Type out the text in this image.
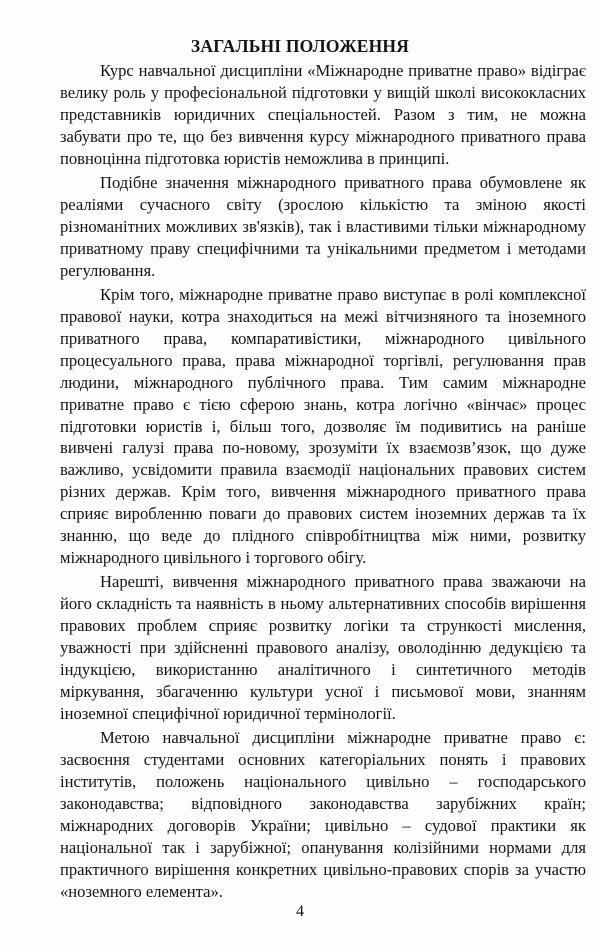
ЗАГАЛЬНІ ПОЛОЖЕННЯ

Курс навчальної дисципліни «Міжнародне приватне право» відіграє велику роль у професіональной підготовки у вищій школі висококласних представників юридичних спеціальностей. Разом з тим, не можна забувати про те, що без вивчення курсу міжнародного приватного права повноцінна підготовка юристів неможлива в принципі.

Подібне значення міжнародного приватного права обумовлене як реаліями сучасного світу (зрослою кількістю та зміною якості різноманітних можливих зв'язків), так і властивими тільки міжнародному приватному праву специфічними та унікальними предметом і методами регулювання.

Крім того, міжнародне приватне право виступає в ролі комплексної правової науки, котра знаходиться на межі вітчизняного та іноземного приватного права, компаративістики, міжнародного цивільного процесуального права, права міжнародної торгівлі, регулювання прав людини, міжнародного публічного права. Тим самим міжнародне приватне право є тією сферою знань, котра логічно «вінчає» процес підготовки юристів і, більш того, дозволяє їм подивитись на раніше вивчені галузі права по-новому, зрозуміти їх взаємозв’язок, що дуже важливо, усвідомити правила взаємодії національних правових систем різних держав. Крім того, вивчення міжнародного приватного права сприяє виробленню поваги до правових систем іноземних держав та їх знанню, що веде до плідного співробітництва між ними, розвитку міжнародного цивільного і торгового обігу.

Нарешті, вивчення міжнародного приватного права зважаючи на його складність та наявність в ньому альтернативних способів вирішення правових проблем сприяє розвитку логіки та стрункості мислення, уважності при здійсненні правового аналізу, оволодінню дедукцією та індукцією, використанню аналітичного і синтетичного методів міркування, збагаченню культури усної і письмової мови, знанням іноземної специфічної юридичної термінології.

Метою навчальної дисципліни міжнародне приватне право є: засвоєння студентами основних категоріальних понять і правових інститутів, положень національного цивільно – господарського законодавства; відповідного законодавства зарубіжних країн; міжнародних договорів України; цивільно – судової практики як національної так і зарубіжної; опанування колізійними нормами для практичного вирішення конкретних цивільно-правових спорів за участю «ноземного елемента».

4
